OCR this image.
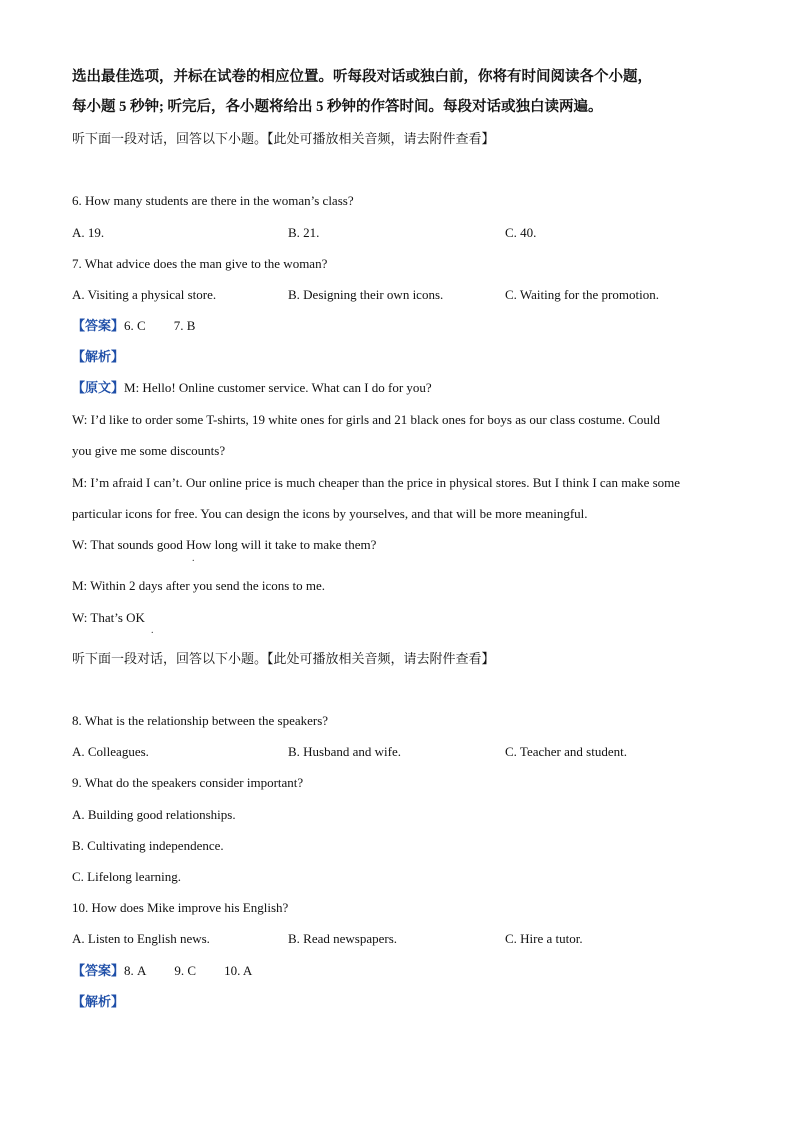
选出最佳选项，并标在试卷的相应位置。听每段对话或独白前，你将有时间阅读各个小题，
每小题 5 秒钟; 听完后，各小题将给出 5 秒钟的作答时间。每段对话或独白读两遍。
听下面一段对话，回答以下小题。【此处可播放相关音频，请去附件查看】
6. How many students are there in the woman’s class?
A. 19.	B. 21.	C. 40.
7. What advice does the man give to the woman?
A. Visiting a physical store.	B. Designing their own icons.	C. Waiting for the promotion.
【答案】6. C 7. B
【解析】
【原文】M: Hello! Online customer service. What can I do for you?
W: I’d like to order some T-shirts, 19 white ones for girls and 21 black ones for boys as our class costume. Could
you give me some discounts?
M: I’m afraid I can’t. Our online price is much cheaper than the price in physical stores. But I think I can make some
particular icons for free. You can design the icons by yourselves, and that will be more meaningful.
W: That sounds good How long will it take to make them?
.
M: Within 2 days after you send the icons to me.
W: That’s OK
.
听下面一段对话，回答以下小题。【此处可播放相关音频，请去附件查看】
8. What is the relationship between the speakers?
A. Colleagues.	B. Husband and wife.	C. Teacher and student.
9. What do the speakers consider important?
A. Building good relationships.
B. Cultivating independence.
C. Lifelong learning.
10. How does Mike improve his English?
A. Listen to English news.	B. Read newspapers.	C. Hire a tutor.
【答案】8. A 9. C 10. A
【解析】
